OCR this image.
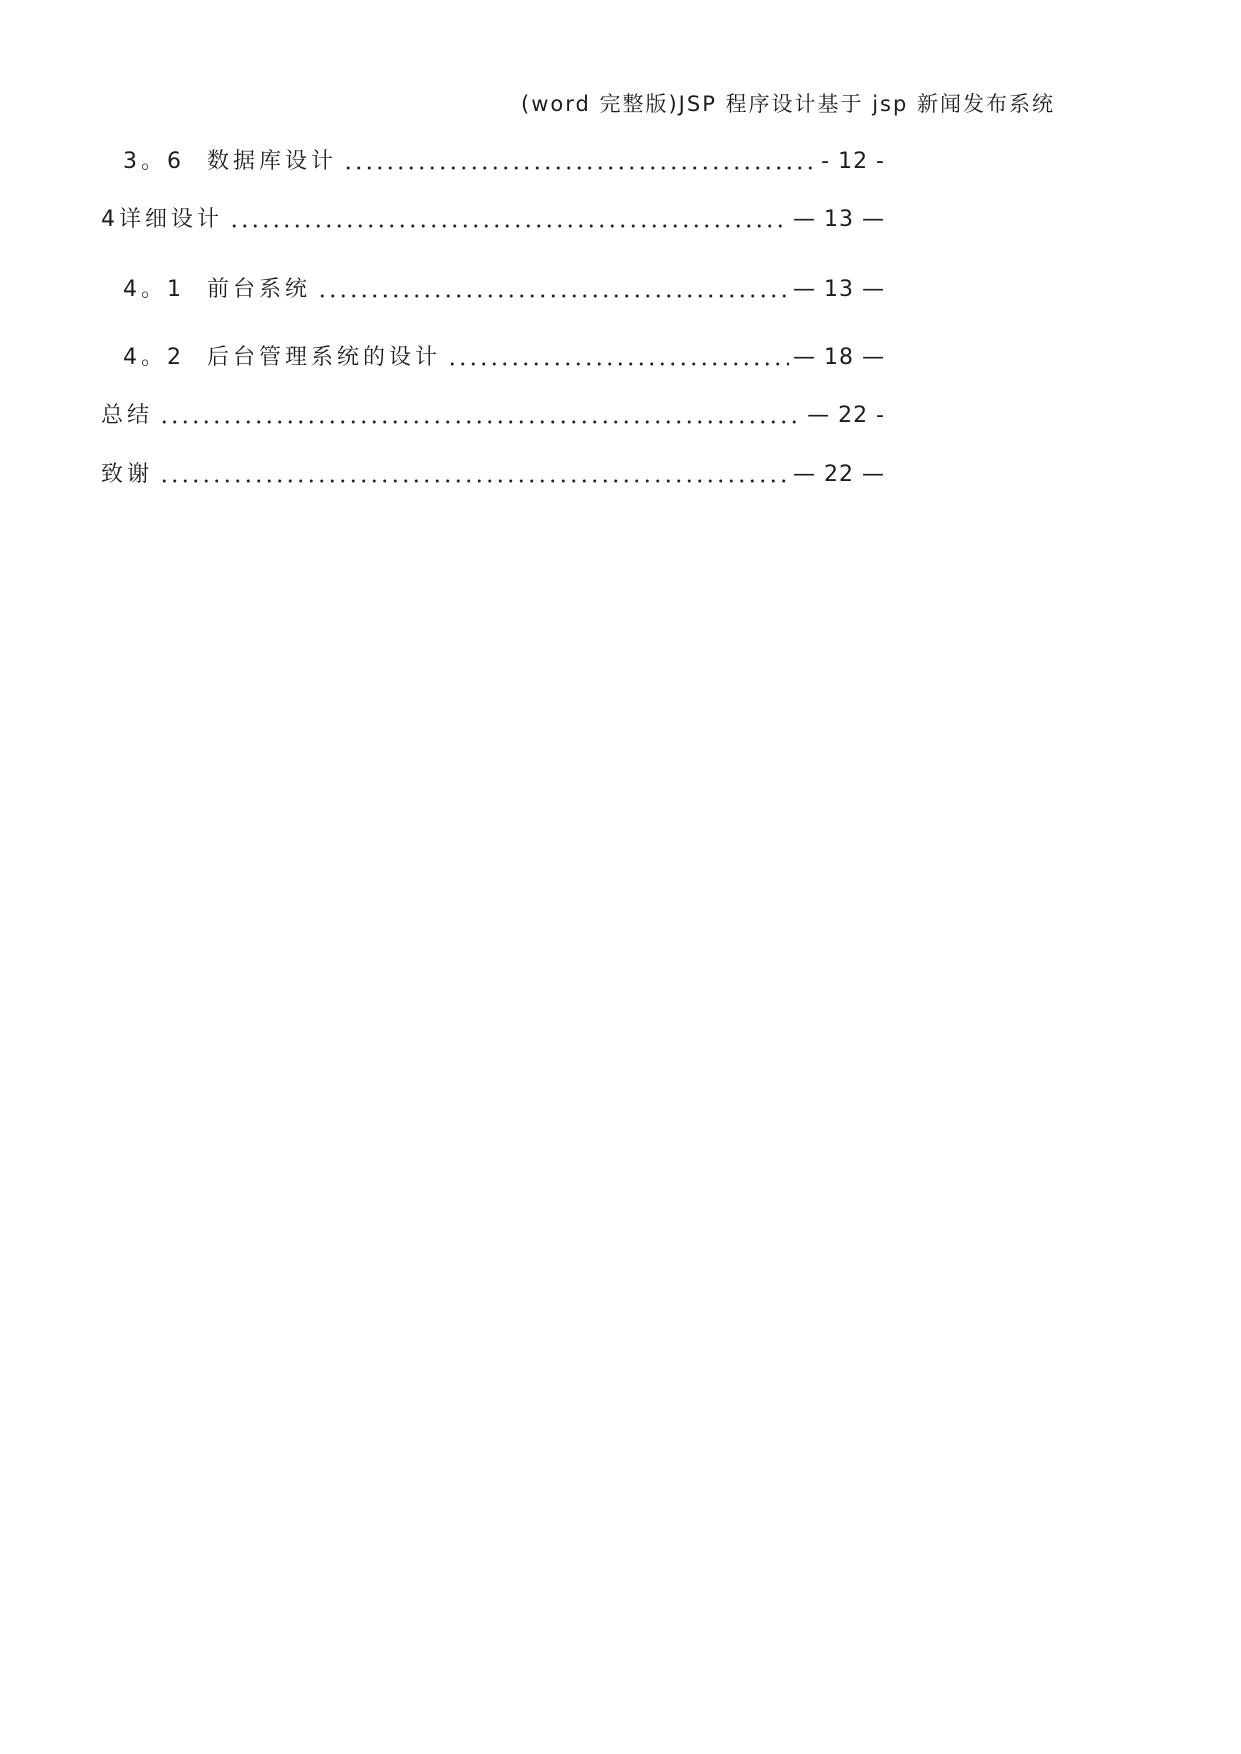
(word 完整版)JSP 程序设计基于 jsp 新闻发布系统
3。6  数据库设计	- 12 -
4详细设计	— 13 —
4。1  前台系统	— 13 —
4。2  后台管理系统的设计	— 18 —
总结	— 22 -
致谢	— 22 —
